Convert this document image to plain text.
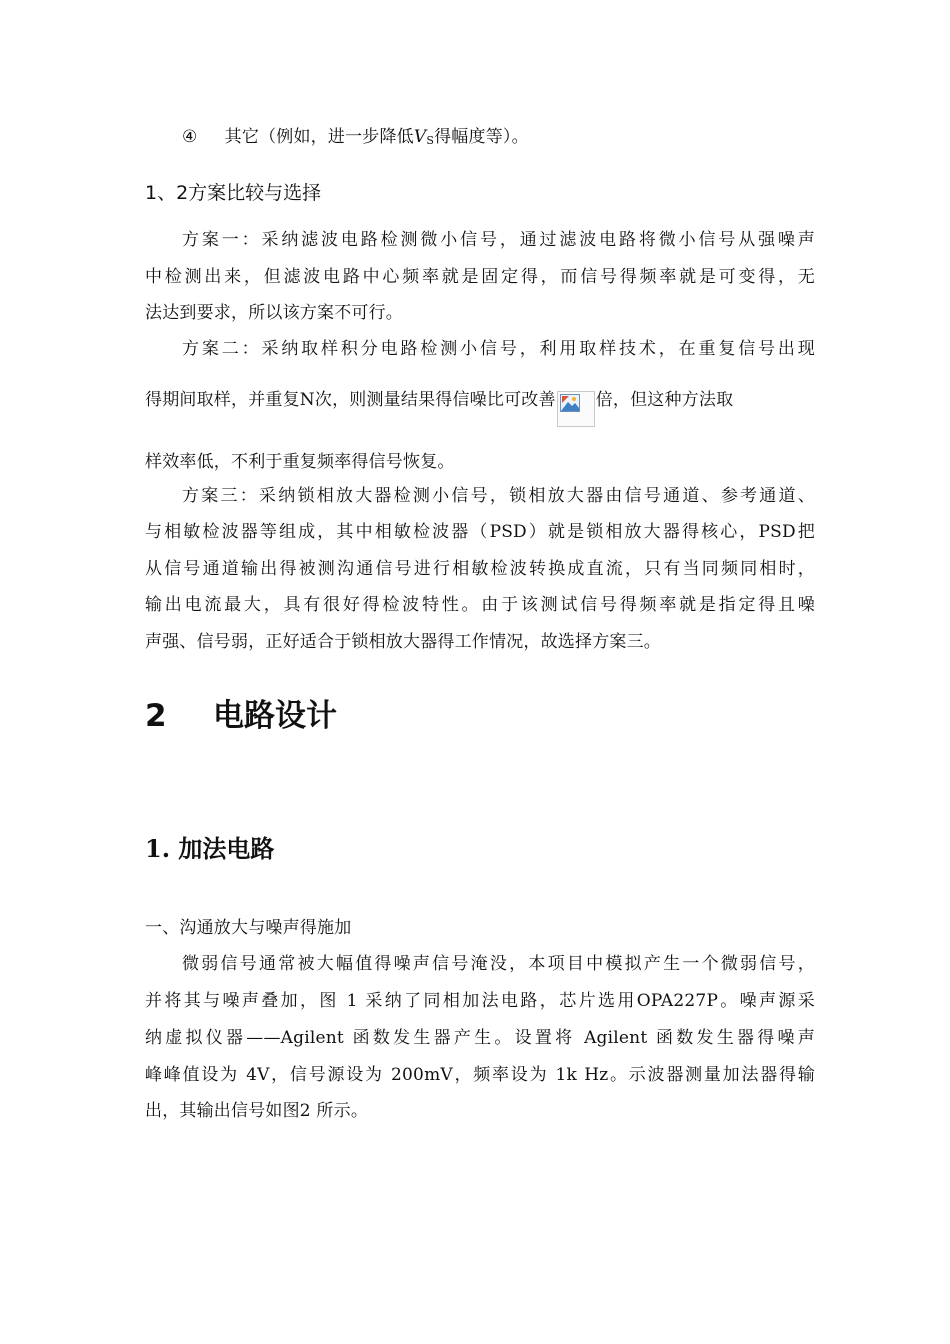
④ 其它（例如，进一步降低VS得幅度等）。
1、2方案比较与选择
方案一：采纳滤波电路检测微小信号，通过滤波电路将微小信号从强噪声
中检测出来，但滤波电路中心频率就是固定得，而信号得频率就是可变得，无
法达到要求，所以该方案不可行。
方案二：采纳取样积分电路检测小信号，利用取样技术，在重复信号出现
得期间取样，并重复N次，则测量结果得信噪比可改善 倍，但这种方法取
样效率低，不利于重复频率得信号恢复。
方案三：采纳锁相放大器检测小信号，锁相放大器由信号通道、参考通道、
与相敏检波器等组成，其中相敏检波器（PSD）就是锁相放大器得核心，PSD把
从信号通道输出得被测沟通信号进行相敏检波转换成直流，只有当同频同相时，
输出电流最大，具有很好得检波特性。由于该测试信号得频率就是指定得且噪
声强、信号弱，正好适合于锁相放大器得工作情况，故选择方案三。
2 电路设计
1. 加法电路
一、沟通放大与噪声得施加
微弱信号通常被大幅值得噪声信号淹没，本项目中模拟产生一个微弱信号，
并将其与噪声叠加，图 1 采纳了同相加法电路，芯片选用OPA227P。噪声源采
纳虚拟仪器——Agilent 函数发生器产生。设置将 Agilent 函数发生器得噪声
峰峰值设为 4V，信号源设为 200mV，频率设为 1k Hz。示波器测量加法器得输
出，其输出信号如图2 所示。
